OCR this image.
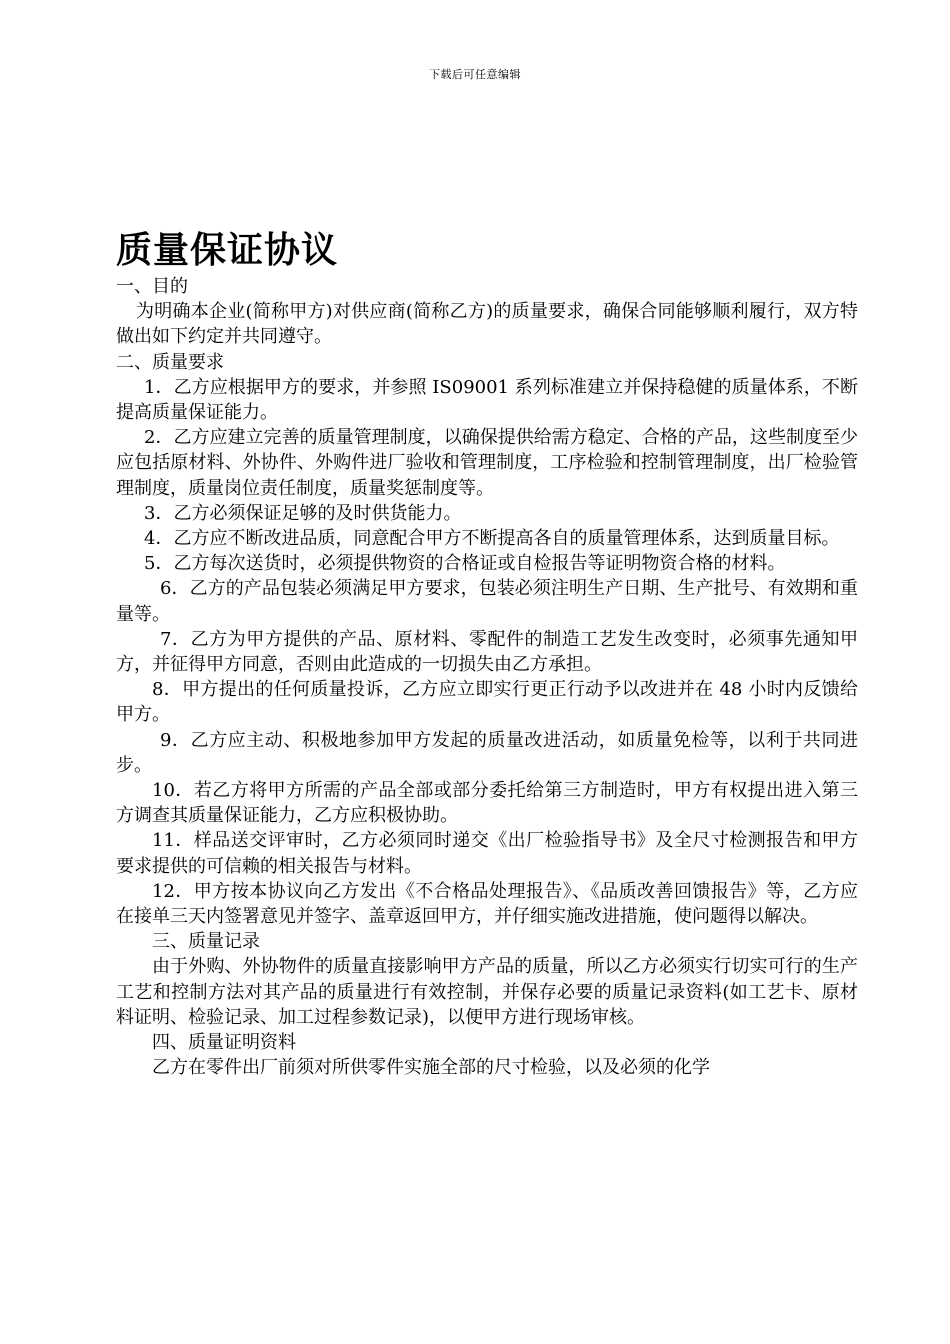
下载后可任意编辑
质量保证协议

一、目的

为明确本企业(简称甲方)对供应商(简称乙方)的质量要求，确保合同能够顺利履行，双方特做出如下约定并共同遵守。

二、质量要求

1．乙方应根据甲方的要求，并参照 IS09001 系列标准建立并保持稳健的质量体系，不断提高质量保证能力。

2．乙方应建立完善的质量管理制度，以确保提供给需方稳定、合格的产品，这些制度至少应包括原材料、外协件、外购件进厂验收和管理制度，工序检验和控制管理制度，出厂检验管理制度，质量岗位责任制度，质量奖惩制度等。

3．乙方必须保证足够的及时供货能力。

4．乙方应不断改进品质，同意配合甲方不断提高各自的质量管理体系，达到质量目标。

5．乙方每次送货时，必须提供物资的合格证或自检报告等证明物资合格的材料。

6．乙方的产品包装必须满足甲方要求，包装必须注明生产日期、生产批号、有效期和重量等。

7．乙方为甲方提供的产品、原材料、零配件的制造工艺发生改变时，必须事先通知甲方，并征得甲方同意，否则由此造成的一切损失由乙方承担。

8．甲方提出的任何质量投诉，乙方应立即实行更正行动予以改进并在 48 小时内反馈给甲方。

9．乙方应主动、积极地参加甲方发起的质量改进活动，如质量免检等，以利于共同进步。

10．若乙方将甲方所需的产品全部或部分委托给第三方制造时，甲方有权提出进入第三方调查其质量保证能力，乙方应积极协助。

11．样品送交评审时，乙方必须同时递交《出厂检验指导书》及全尺寸检测报告和甲方要求提供的可信赖的相关报告与材料。

12．甲方按本协议向乙方发出《不合格品处理报告》、《品质改善回馈报告》等，乙方应在接单三天内签署意见并签字、盖章返回甲方，并仔细实施改进措施，使问题得以解决。

三、质量记录

由于外购、外协物件的质量直接影响甲方产品的质量，所以乙方必须实行切实可行的生产工艺和控制方法对其产品的质量进行有效控制，并保存必要的质量记录资料(如工艺卡、原材料证明、检验记录、加工过程参数记录)，以便甲方进行现场审核。

四、质量证明资料

乙方在零件出厂前须对所供零件实施全部的尺寸检验，以及必须的化学
